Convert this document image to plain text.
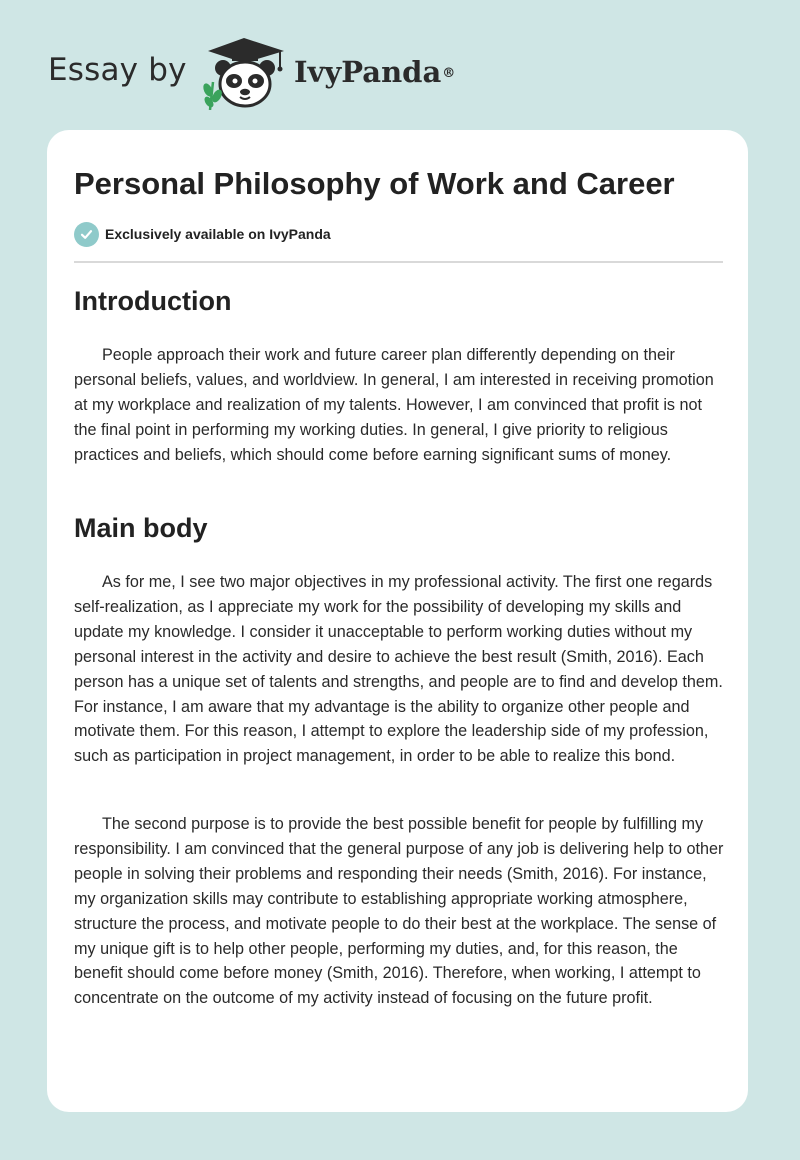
Essay by	IvyPanda®
Personal Philosophy of Work and Career
Exclusively available on IvyPanda
Introduction

People approach their work and future career plan differently depending on their personal beliefs, values, and worldview. In general, I am interested in receiving promotion at my workplace and realization of my talents. However, I am convinced that profit is not the final point in performing my working duties. In general, I give priority to religious practices and beliefs, which should come before earning significant sums of money.

Main body

As for me, I see two major objectives in my professional activity. The first one regards self-realization, as I appreciate my work for the possibility of developing my skills and update my knowledge. I consider it unacceptable to perform working duties without my personal interest in the activity and desire to achieve the best result (Smith, 2016). Each person has a unique set of talents and strengths, and people are to find and develop them. For instance, I am aware that my advantage is the ability to organize other people and motivate them. For this reason, I attempt to explore the leadership side of my profession, such as participation in project management, in order to be able to realize this bond.

The second purpose is to provide the best possible benefit for people by fulfilling my responsibility. I am convinced that the general purpose of any job is delivering help to other people in solving their problems and responding their needs (Smith, 2016). For instance, my organization skills may contribute to establishing appropriate working atmosphere, structure the process, and motivate people to do their best at the workplace. The sense of my unique gift is to help other people, performing my duties, and, for this reason, the benefit should come before money (Smith, 2016). Therefore, when working, I attempt to concentrate on the outcome of my activity instead of focusing on the future profit.
